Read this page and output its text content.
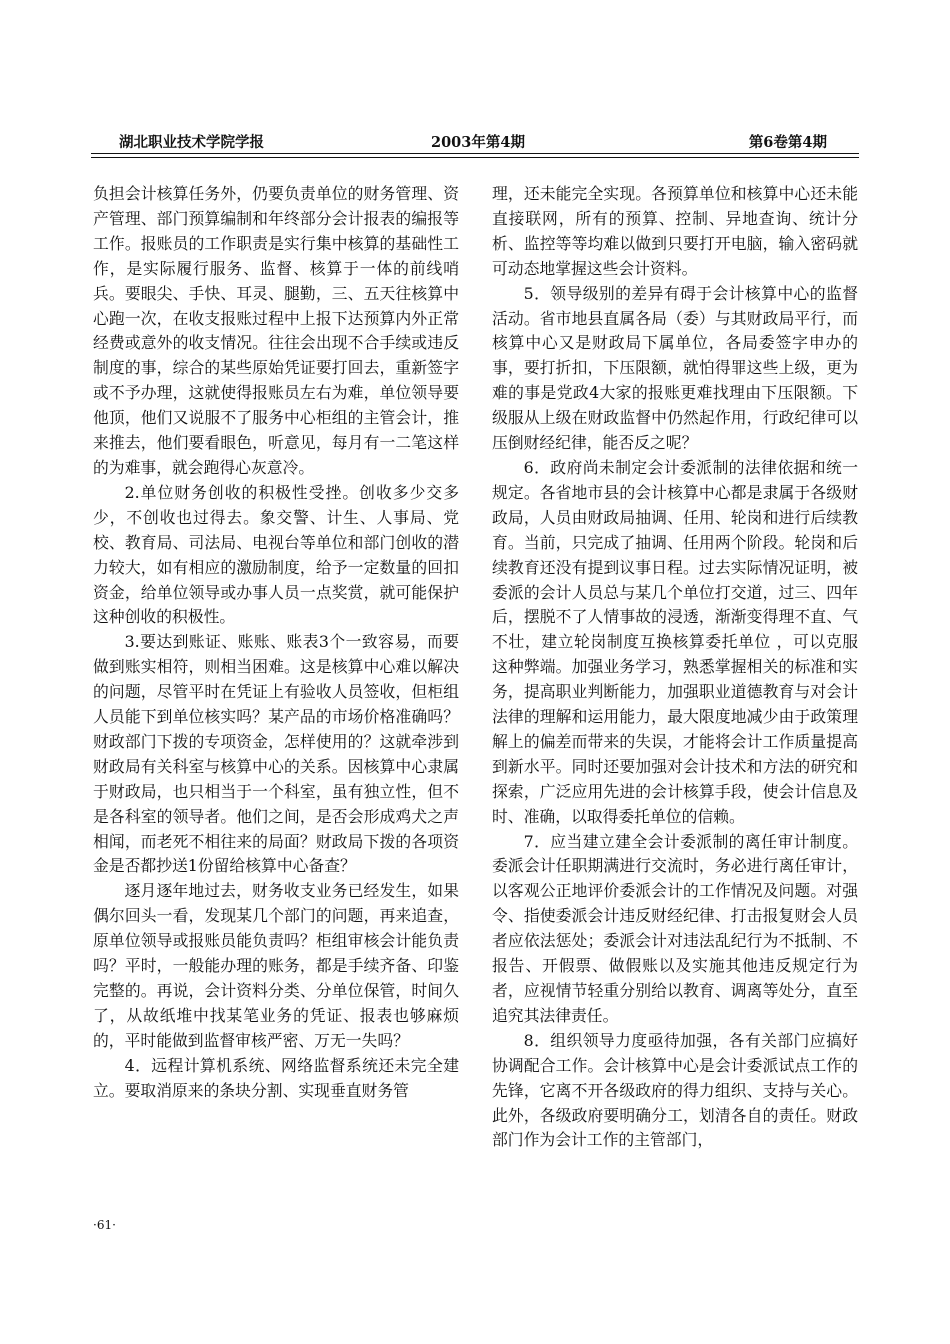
湖北职业技术学院学报	2003年第4期	第6卷第4期

负担会计核算任务外，仍要负责单位的财务管理、资产管理、部门预算编制和年终部分会计报表的编报等工作。报账员的工作职责是实行集中核算的基础性工作，是实际履行服务、监督、核算于一体的前线哨兵。要眼尖、手快、耳灵、腿勤，三、五天往核算中心跑一次，在收支报账过程中上报下达预算内外正常经费或意外的收支情况。往往会出现不合手续或违反制度的事，综合的某些原始凭证要打回去，重新签字或不予办理，这就使得报账员左右为难，单位领导要他顶，他们又说服不了服务中心柜组的主管会计，推来推去，他们要看眼色，听意见，每月有一二笔这样的为难事，就会跑得心灰意冷。

2.单位财务创收的积极性受挫。创收多少交多少，不创收也过得去。象交警、计生、人事局、党校、教育局、司法局、电视台等单位和部门创收的潜力较大，如有相应的激励制度，给予一定数量的回扣资金，给单位领导或办事人员一点奖赏，就可能保护这种创收的积极性。

3.要达到账证、账账、账表3个一致容易，而要做到账实相符，则相当困难。这是核算中心难以解决的问题，尽管平时在凭证上有验收人员签收，但柜组人员能下到单位核实吗？某产品的市场价格准确吗？财政部门下拨的专项资金，怎样使用的？这就牵涉到财政局有关科室与核算中心的关系。因核算中心隶属于财政局，也只相当于一个科室，虽有独立性，但不是各科室的领导者。他们之间，是否会形成鸡犬之声相闻，而老死不相往来的局面？财政局下拨的各项资金是否都抄送1份留给核算中心备查？

逐月逐年地过去，财务收支业务已经发生，如果偶尔回头一看，发现某几个部门的问题，再来追查，原单位领导或报账员能负责吗？柜组审核会计能负责吗？平时，一般能办理的账务，都是手续齐备、印鉴完整的。再说，会计资料分类、分单位保管，时间久了，从故纸堆中找某笔业务的凭证、报表也够麻烦的，平时能做到监督审核严密、万无一失吗？

4．远程计算机系统、网络监督系统还未完全建立。要取消原来的条块分割、实现垂直财务管

理，还未能完全实现。各预算单位和核算中心还未能直接联网，所有的预算、控制、异地查询、统计分析、监控等等均难以做到只要打开电脑，输入密码就可动态地掌握这些会计资料。

5．领导级别的差异有碍于会计核算中心的监督活动。省市地县直属各局（委）与其财政局平行，而核算中心又是财政局下属单位，各局委签字申办的事，要打折扣，下压限额，就怕得罪这些上级，更为难的事是党政4大家的报账更难找理由下压限额。下级服从上级在财政监督中仍然起作用，行政纪律可以压倒财经纪律，能否反之呢？

6．政府尚未制定会计委派制的法律依据和统一规定。各省地市县的会计核算中心都是隶属于各级财政局，人员由财政局抽调、任用、轮岗和进行后续教育。当前，只完成了抽调、任用两个阶段。轮岗和后续教育还没有提到议事日程。过去实际情况证明，被委派的会计人员总与某几个单位打交道，过三、四年后，摆脱不了人情事故的浸透，渐渐变得理不直、气不壮，建立轮岗制度互换核算委托单位 ，可以克服这种弊端。加强业务学习，熟悉掌握相关的标准和实务，提高职业判断能力，加强职业道德教育与对会计法律的理解和运用能力，最大限度地减少由于政策理解上的偏差而带来的失误，才能将会计工作质量提高到新水平。同时还要加强对会计技术和方法的研究和探索，广泛应用先进的会计核算手段，使会计信息及时、准确，以取得委托单位的信赖。

7．应当建立建全会计委派制的离任审计制度。委派会计任职期满进行交流时，务必进行离任审计，以客观公正地评价委派会计的工作情况及问题。对强令、指使委派会计违反财经纪律、打击报复财会人员者应依法惩处；委派会计对违法乱纪行为不抵制、不报告、开假票、做假账以及实施其他违反规定行为者，应视情节轻重分别给以教育、调离等处分，直至追究其法律责任。

8．组织领导力度亟待加强，各有关部门应搞好协调配合工作。会计核算中心是会计委派试点工作的先锋，它离不开各级政府的得力组织、支持与关心。此外，各级政府要明确分工，划清各自的责任。财政部门作为会计工作的主管部门，

·61·
